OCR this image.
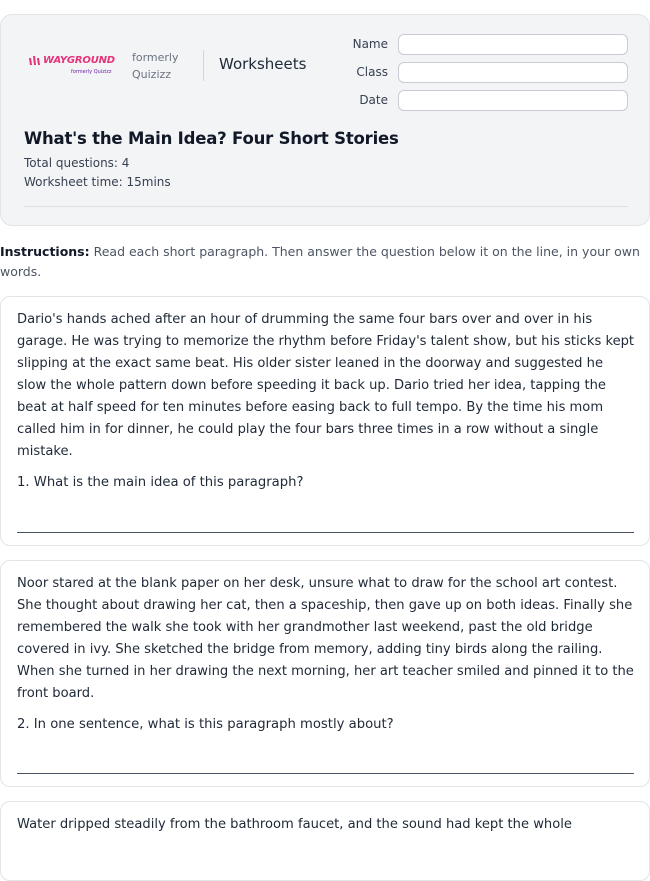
WAYGROUND
formerly Quizizz
formerly Quizizz
Worksheets
Name
Class
Date
What's the Main Idea? Four Short Stories
Total questions: 4
Worksheet time: 15mins
Instructions: Read each short paragraph. Then answer the question below it on the line, in your own words.
Dario's hands ached after an hour of drumming the same four bars over and over in his garage. He was trying to memorize the rhythm before Friday's talent show, but his sticks kept slipping at the exact same beat. His older sister leaned in the doorway and suggested he slow the whole pattern down before speeding it back up. Dario tried her idea, tapping the beat at half speed for ten minutes before easing back to full tempo. By the time his mom called him in for dinner, he could play the four bars three times in a row without a single mistake.
1. What is the main idea of this paragraph?
Noor stared at the blank paper on her desk, unsure what to draw for the school art contest. She thought about drawing her cat, then a spaceship, then gave up on both ideas. Finally she remembered the walk she took with her grandmother last weekend, past the old bridge covered in ivy. She sketched the bridge from memory, adding tiny birds along the railing. When she turned in her drawing the next morning, her art teacher smiled and pinned it to the front board.
2. In one sentence, what is this paragraph mostly about?
Water dripped steadily from the bathroom faucet, and the sound had kept the whole
